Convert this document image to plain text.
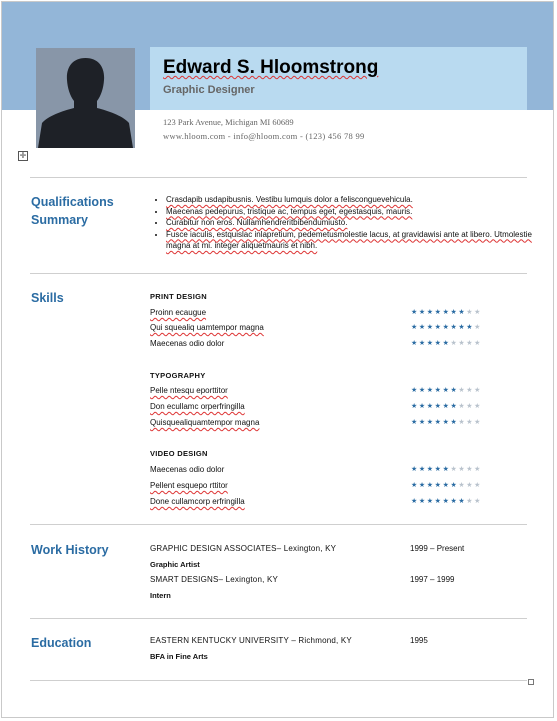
Edward S. Hloomstrong
Graphic Designer
123 Park Avenue, Michigan MI 60689
www.hloom.com - info@hloom.com - (123) 456 78 99
✛
Qualifications
Summary
• Crasdapib usdapibusnis. Vestibu lumquis dolor a felisconguevehicula.
• Maecenas pedepurus, tristique ac, tempus eget, egestasquis, mauris.
• Curabitur non eros. Nullamhendreritbibendumiusto.
• Fusce iaculis, estquislac inlapretium, pedemetusmolestie lacus, at gravidawisi ante at libero. Utmolestie magna at mi. integer aliquetmauris et nibh.
Skills	PRINT DESIGN
Proinn ecaugue	★★★★★★★★★
Qui squealiq uamtempor magna	★★★★★★★★★
Maecenas odio dolor	★★★★★★★★★
TYPOGRAPHY
Pelle ntesqu eporttitor	★★★★★★★★★
Don ecullamc orperfringilla	★★★★★★★★★
Quisquealiquamtempor magna	★★★★★★★★★
VIDEO DESIGN
Maecenas odio dolor	★★★★★★★★★
Pellent esquepo rttitor	★★★★★★★★★
Done cullamcorp erfringilla	★★★★★★★★★
Work History	GRAPHIC DESIGN ASSOCIATES– Lexington, KY	1999 – Present
Graphic Artist
SMART DESIGNS– Lexington, KY	1997 – 1999
Intern
Education	EASTERN KENTUCKY UNIVERSITY – Richmond, KY	1995
BFA in Fine Arts
